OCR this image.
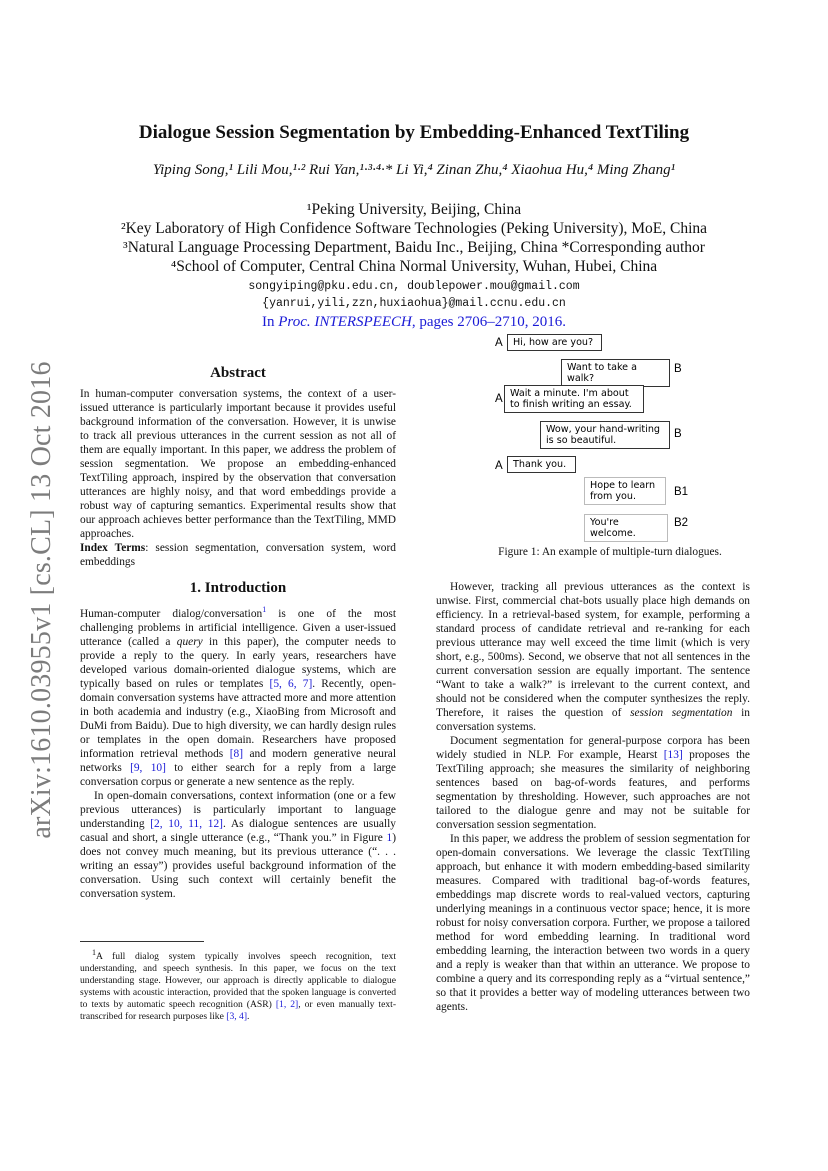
arXiv:1610.03955v1 [cs.CL] 13 Oct 2016
Dialogue Session Segmentation by Embedding-Enhanced TextTiling
Yiping Song,¹ Lili Mou,¹·² Rui Yan,¹·³·⁴·* Li Yi,⁴ Zinan Zhu,⁴ Xiaohua Hu,⁴ Ming Zhang¹
¹Peking University, Beijing, China
²Key Laboratory of High Confidence Software Technologies (Peking University), MoE, China
³Natural Language Processing Department, Baidu Inc., Beijing, China *Corresponding author
⁴School of Computer, Central China Normal University, Wuhan, Hubei, China
songyiping@pku.edu.cn, doublepower.mou@gmail.com
{yanrui,yili,zzn,huxiaohua}@mail.ccnu.edu.cn
In Proc. INTERSPEECH, pages 2706–2710, 2016.

Abstract

In human-computer conversation systems, the context of a user-issued utterance is particularly important because it provides useful background information of the conversation. However, it is unwise to track all previous utterances in the current session as not all of them are equally important. In this paper, we address the problem of session segmentation. We propose an embedding-enhanced TextTiling approach, inspired by the observation that conversation utterances are highly noisy, and that word embeddings provide a robust way of capturing semantics. Experimental results show that our approach achieves better performance than the TextTiling, MMD approaches.

Index Terms: session segmentation, conversation system, word embeddings

1. Introduction

Human-computer dialog/conversation$^1$ is one of the most challenging problems in artificial intelligence. Given a user-issued utterance (called a query in this paper), the computer needs to provide a reply to the query. In early years, researchers have developed various domain-oriented dialogue systems, which are typically based on rules or templates [5, 6, 7]. Recently, open-domain conversation systems have attracted more and more attention in both academia and industry (e.g., XiaoBing from Microsoft and DuMi from Baidu). Due to high diversity, we can hardly design rules or templates in the open domain. Researchers have proposed information retrieval methods [8] and modern generative neural networks [9, 10] to either search for a reply from a large conversation corpus or generate a new sentence as the reply.

In open-domain conversations, context information (one or a few previous utterances) is particularly important to language understanding [2, 10, 11, 12]. As dialogue sentences are usually casual and short, a single utterance (e.g., “Thank you.” in Figure 1) does not convey much meaning, but its previous utterance (“. . . writing an essay”) provides useful background information of the conversation. Using such context will certainly benefit the conversation system.

$^1$A full dialog system typically involves speech recognition, text understanding, and speech synthesis. In this paper, we focus on the text understanding stage. However, our approach is directly applicable to dialogue systems with acoustic interaction, provided that the spoken language is converted to texts by automatic speech recognition (ASR) [1, 2], or even manually text-transcribed for research purposes like [3, 4].
A	Hi, how are you?
Want to take a walk?
B
A Wait a minute. I'm about to finish writing an essay.
Wow, your hand-writing is so beautiful.
B
A	Thank you.
Hope to learn from you.	B1
You're welcome.
B2
Figure 1: An example of multiple-turn dialogues.

However, tracking all previous utterances as the context is unwise. First, commercial chat-bots usually place high demands on efficiency. In a retrieval-based system, for example, performing a standard process of candidate retrieval and re-ranking for each previous utterance may well exceed the time limit (which is very short, e.g., 500ms). Second, we observe that not all sentences in the current conversation session are equally important. The sentence “Want to take a walk?” is irrelevant to the current context, and should not be considered when the computer synthesizes the reply. Therefore, it raises the question of session segmentation in conversation systems.

Document segmentation for general-purpose corpora has been widely studied in NLP. For example, Hearst [13] proposes the TextTiling approach; she measures the similarity of neighboring sentences based on bag-of-words features, and performs segmentation by thresholding. However, such approaches are not tailored to the dialogue genre and may not be suitable for conversation session segmentation.

In this paper, we address the problem of session segmentation for open-domain conversations. We leverage the classic TextTiling approach, but enhance it with modern embedding-based similarity measures. Compared with traditional bag-of-words features, embeddings map discrete words to real-valued vectors, capturing underlying meanings in a continuous vector space; hence, it is more robust for noisy conversation corpora. Further, we propose a tailored method for word embedding learning. In traditional word embedding learning, the interaction between two words in a query and a reply is weaker than that within an utterance. We propose to combine a query and its corresponding reply as a “virtual sentence,” so that it provides a better way of modeling utterances between two agents.
